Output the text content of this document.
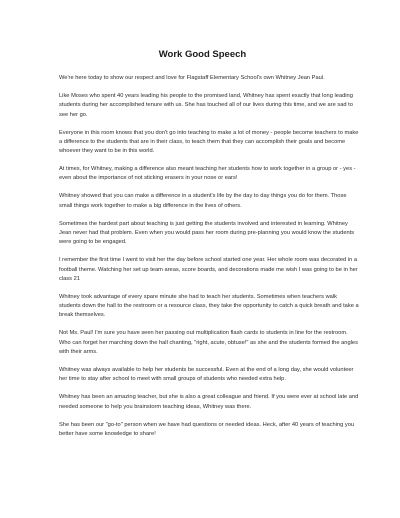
Work Good Speech

We're here today to show our respect and love for Flagstaff Elementary School's own Whitney Jean Paul.

Like Moses who spent 40 years leading his people to the promised land, Whitney has spent exactly that long leading students during her accomplished tenure with us. She has touched all of our lives during this time, and we are sad to see her go.

Everyone in this room knows that you don't go into teaching to make a lot of money - people become teachers to make a difference to the students that are in their class, to teach them that they can accomplish their goals and become whoever they want to be in this world.

At times, for Whitney, making a difference also meant teaching her students how to work together in a group or - yes - even about the importance of not sticking erasers in your nose or ears!

Whitney showed that you can make a difference in a student's life by the day to day things you do for them. Those small things work together to make a big difference in the lives of others.

Sometimes the hardest part about teaching is just getting the students involved and interested in learning. Whitney Jean never had that problem. Even when you would pass her room during pre-planning you would know the students were going to be engaged.

I remember the first time I went to visit her the day before school started one year. Her whole room was decorated in a football theme. Watching her set up team areas, score boards, and decorations made me wish I was going to be in her class 21

Whitney took advantage of every spare minute she had to teach her students. Sometimes when teachers walk students down the hall to the restroom or a resource class, they take the opportunity to catch a quick breath and take a break themselves.

Not Ms. Paul! I'm sure you have seen her passing out multiplication flash cards to students in line for the restroom. Who can forget her marching down the hall chanting, "right, acute, obtuse!" as she and the students formed the angles with their arms.

Whitney was always available to help her students be successful. Even at the end of a long day, she would volunteer her time to stay after school to meet with small groups of students who needed extra help.

Whitney has been an amazing teacher, but she is also a great colleague and friend. If you were ever at school late and needed someone to help you brainstorm teaching ideas, Whitney was there.

She has been our "go-to" person when we have had questions or needed ideas. Heck, after 40 years of teaching you better have some knowledge to share!
